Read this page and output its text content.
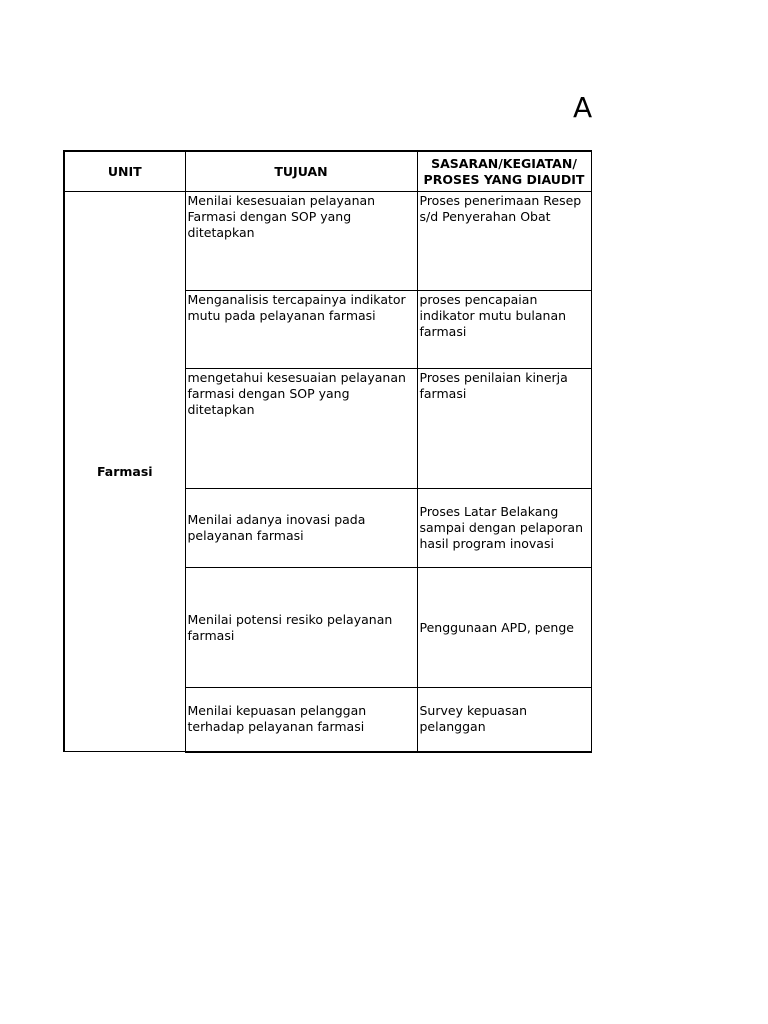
A
UNIT	TUJUAN	SASARAN/KEGIATAN/ PROSES YANG DIAUDIT
Farmasi	Menilai kesesuaian pelayanan Farmasi dengan SOP yang ditetapkan	Proses penerimaan Resep s/d Penyerahan Obat
	Menganalisis tercapainya indikator mutu pada pelayanan farmasi	proses pencapaian indikator mutu bulanan farmasi
	mengetahui kesesuaian pelayanan farmasi dengan SOP yang ditetapkan	Proses penilaian kinerja farmasi
	Menilai adanya inovasi pada pelayanan farmasi	Proses Latar Belakang sampai dengan pelaporan hasil program inovasi
	Menilai potensi resiko pelayanan farmasi	Penggunaan APD, penge
	Menilai kepuasan pelanggan terhadap pelayanan farmasi	Survey kepuasan pelanggan
